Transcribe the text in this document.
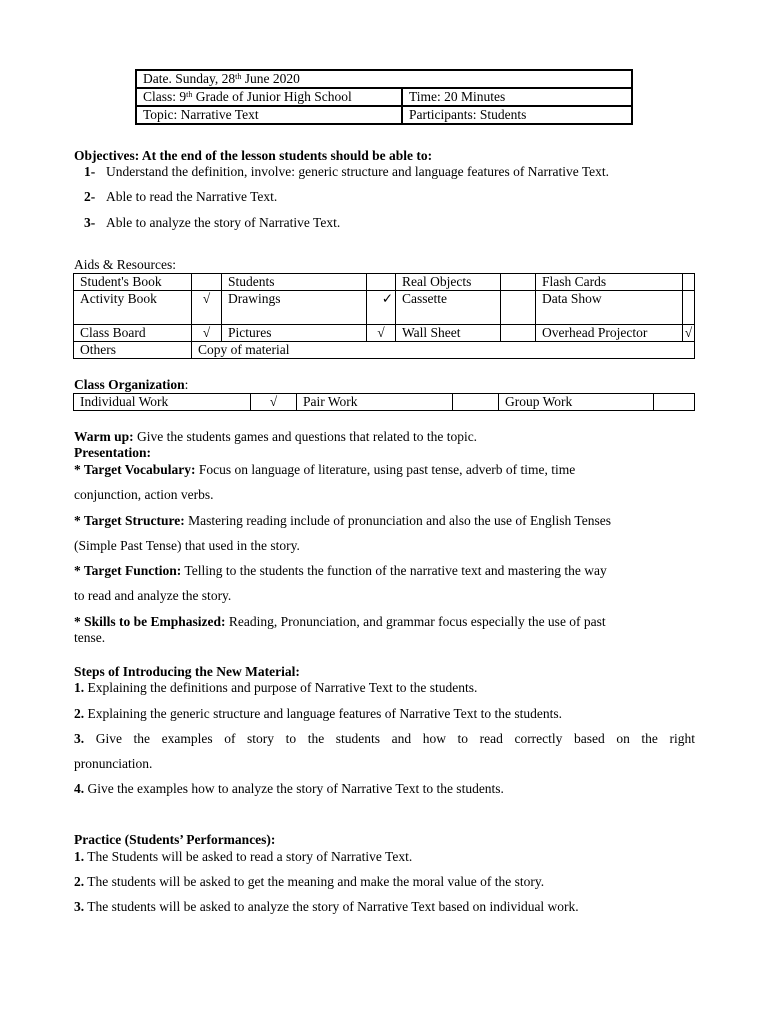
Date. Sunday, 28th June 2020	
Class: 9th Grade of Junior High School	Time: 20 Minutes
Topic: Narrative Text	Participants: Students
Objectives: At the end of the lesson students should be able to:
1- Understand the definition, involve: generic structure and language features of Narrative Text.
2- Able to read the Narrative Text.
3- Able to analyze the story of Narrative Text.
Aids & Resources:
Student's Book		Students		Real Objects		Flash Cards	
Activity Book	√	Drawings	✓	Cassette		Data Show	
Class Board	√	Pictures	√	Wall Sheet		Overhead Projector	√
Others	Copy of material						
Class Organization:
Individual Work	√	Pair Work		Group Work	
Warm up: Give the students games and questions that related to the topic.
Presentation:
* Target Vocabulary: Focus on language of literature, using past tense, adverb of time, time
conjunction, action verbs.
* Target Structure: Mastering reading include of pronunciation and also the use of English Tenses
(Simple Past Tense) that used in the story.
* Target Function: Telling to the students the function of the narrative text and mastering the way
to read and analyze the story.
* Skills to be Emphasized: Reading, Pronunciation, and grammar focus especially the use of past
tense.
Steps of Introducing the New Material:
1. Explaining the definitions and purpose of Narrative Text to the students.
2. Explaining the generic structure and language features of Narrative Text to the students.
3. Give the examples of story to the students and how to read correctly based on the right
pronunciation.
4. Give the examples how to analyze the story of Narrative Text to the students.
Practice (Students’ Performances):
1. The Students will be asked to read a story of Narrative Text.
2. The students will be asked to get the meaning and make the moral value of the story.
3. The students will be asked to analyze the story of Narrative Text based on individual work.
